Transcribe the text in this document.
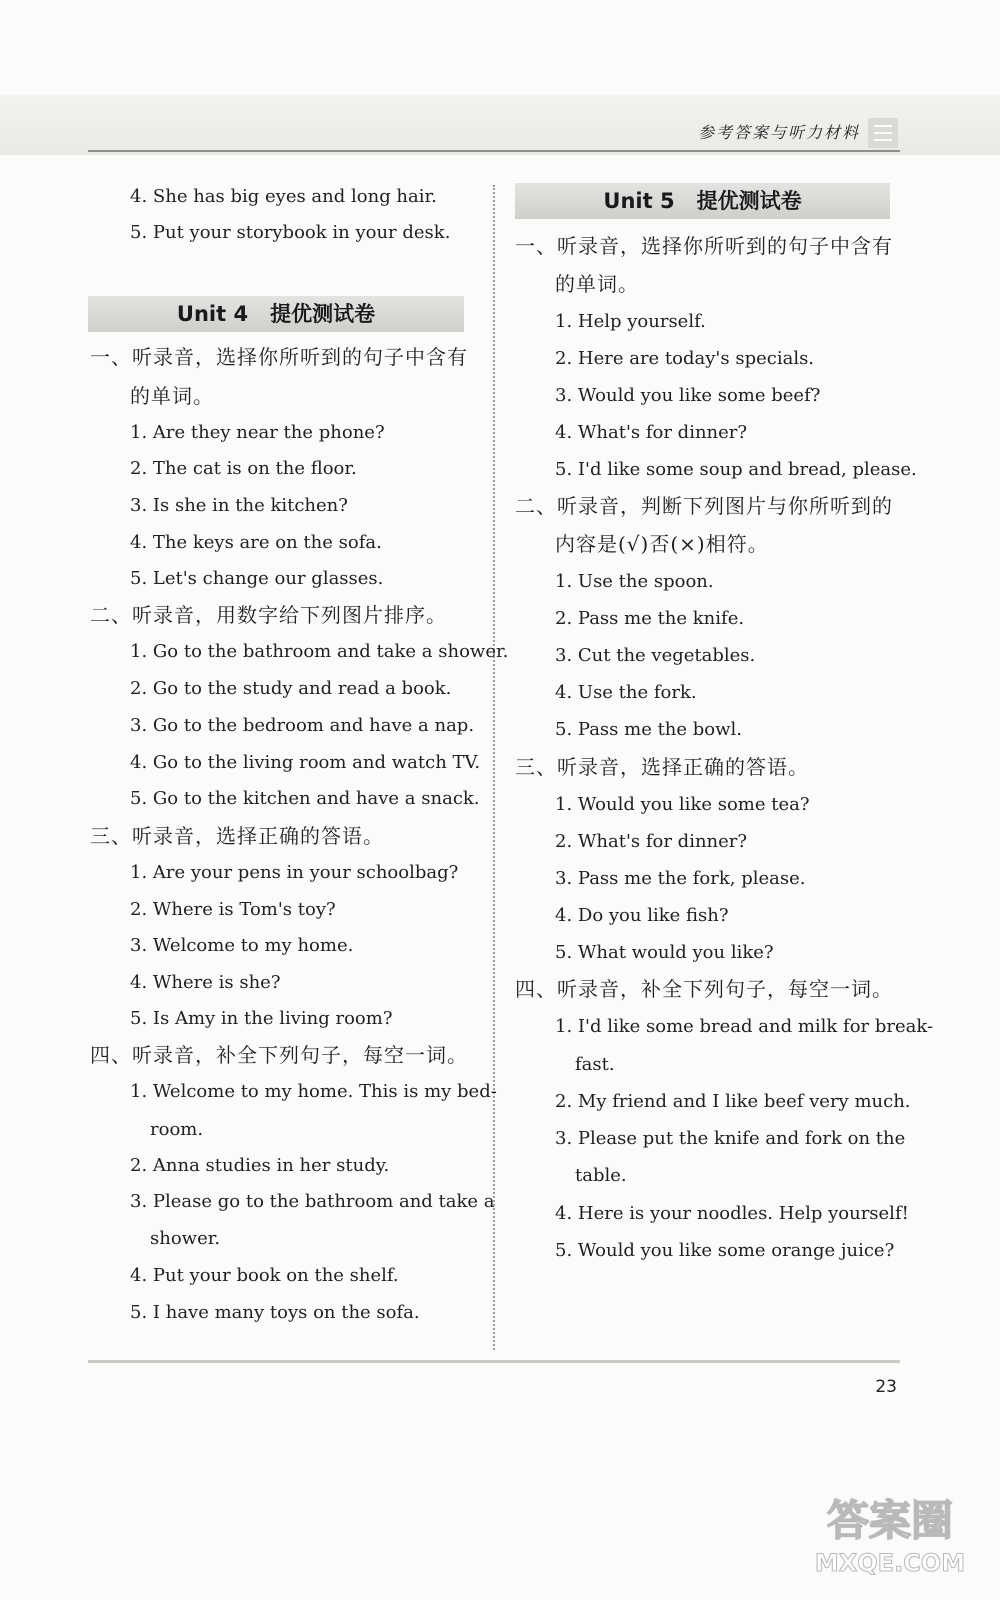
参考答案与听力材料
4. She has big eyes and long hair.
5. Put your storybook in your desk.
Unit 4 提优测试卷
一、听录音，选择你所听到的句子中含有
的单词。
1. Are they near the phone?
2. The cat is on the floor.
3. Is she in the kitchen?
4. The keys are on the sofa.
5. Let's change our glasses.
二、听录音，用数字给下列图片排序。
1. Go to the bathroom and take a shower.
2. Go to the study and read a book.
3. Go to the bedroom and have a nap.
4. Go to the living room and watch TV.
5. Go to the kitchen and have a snack.
三、听录音，选择正确的答语。
1. Are your pens in your schoolbag?
2. Where is Tom's toy?
3. Welcome to my home.
4. Where is she?
5. Is Amy in the living room?
四、听录音，补全下列句子，每空一词。
1. Welcome to my home. This is my bed-
room.
2. Anna studies in her study.
3. Please go to the bathroom and take a
shower.
4. Put your book on the shelf.
5. I have many toys on the sofa.
Unit 5 提优测试卷
一、听录音，选择你所听到的句子中含有
的单词。
1. Help yourself.
2. Here are today's specials.
3. Would you like some beef?
4. What's for dinner?
5. I'd like some soup and bread, please.
二、听录音，判断下列图片与你所听到的
内容是(√)否(×)相符。
1. Use the spoon.
2. Pass me the knife.
3. Cut the vegetables.
4. Use the fork.
5. Pass me the bowl.
三、听录音，选择正确的答语。
1. Would you like some tea?
2. What's for dinner?
3. Pass me the fork, please.
4. Do you like fish?
5. What would you like?
四、听录音，补全下列句子，每空一词。
1. I'd like some bread and milk for break-
fast.
2. My friend and I like beef very much.
3. Please put the knife and fork on the
table.
4. Here is your noodles. Help yourself!
5. Would you like some orange juice?
23
答案圈
MXQE.COM
